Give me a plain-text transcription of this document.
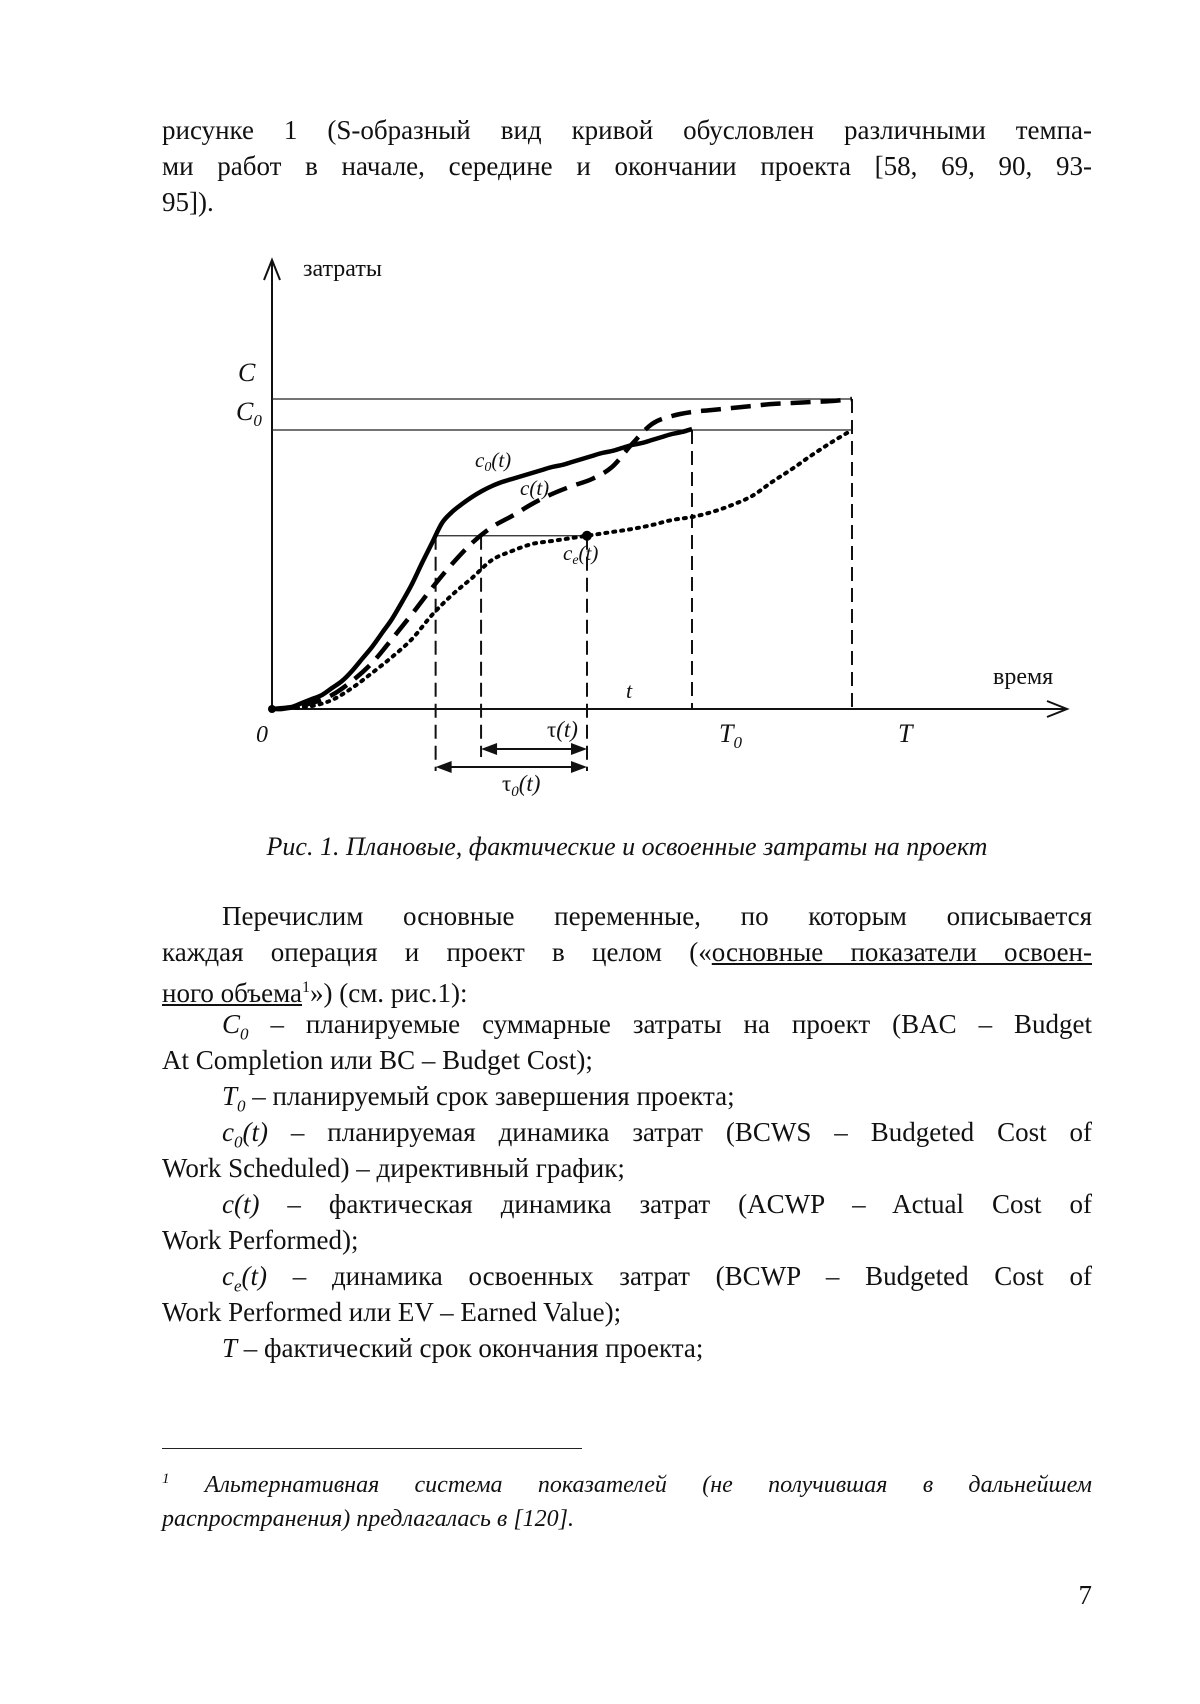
рисунке 1 (S-образный вид кривой обусловлен различными темпа-
ми работ в начале, середине и окончании проекта [58, 69, 90, 93-
95]).
затраты
время
0
C
$C_0$
t
$T_0$	T
c0(t)
c(t)
ce(t)
τ(t)
$\tau_0(t)$
Рис. 1. Плановые, фактические и освоенные затраты на проект
Перечислим основные переменные, по которым описывается
каждая операция и проект в целом («основные показатели освоен-
ного объема$^1$») (см. рис.1):
$C_0$ – планируемые суммарные затраты на проект (BAC – Budget
At Completion или BC – Budget Cost);
$T_0$ – планируемый срок завершения проекта;
$c_0(t)$ – планируемая динамика затрат (BCWS – Budgeted Cost of
Work Scheduled) – директивный график;
c(t) – фактическая динамика затрат (ACWP – Actual Cost of
Work Performed);
$c_e(t)$ – динамика освоенных затрат (BCWP – Budgeted Cost of
Work Performed или EV – Earned Value);
T – фактический срок окончания проекта;
$^1$ Альтернативная система показателей (не получившая в дальнейшем
распространения) предлагалась в [120].
7
